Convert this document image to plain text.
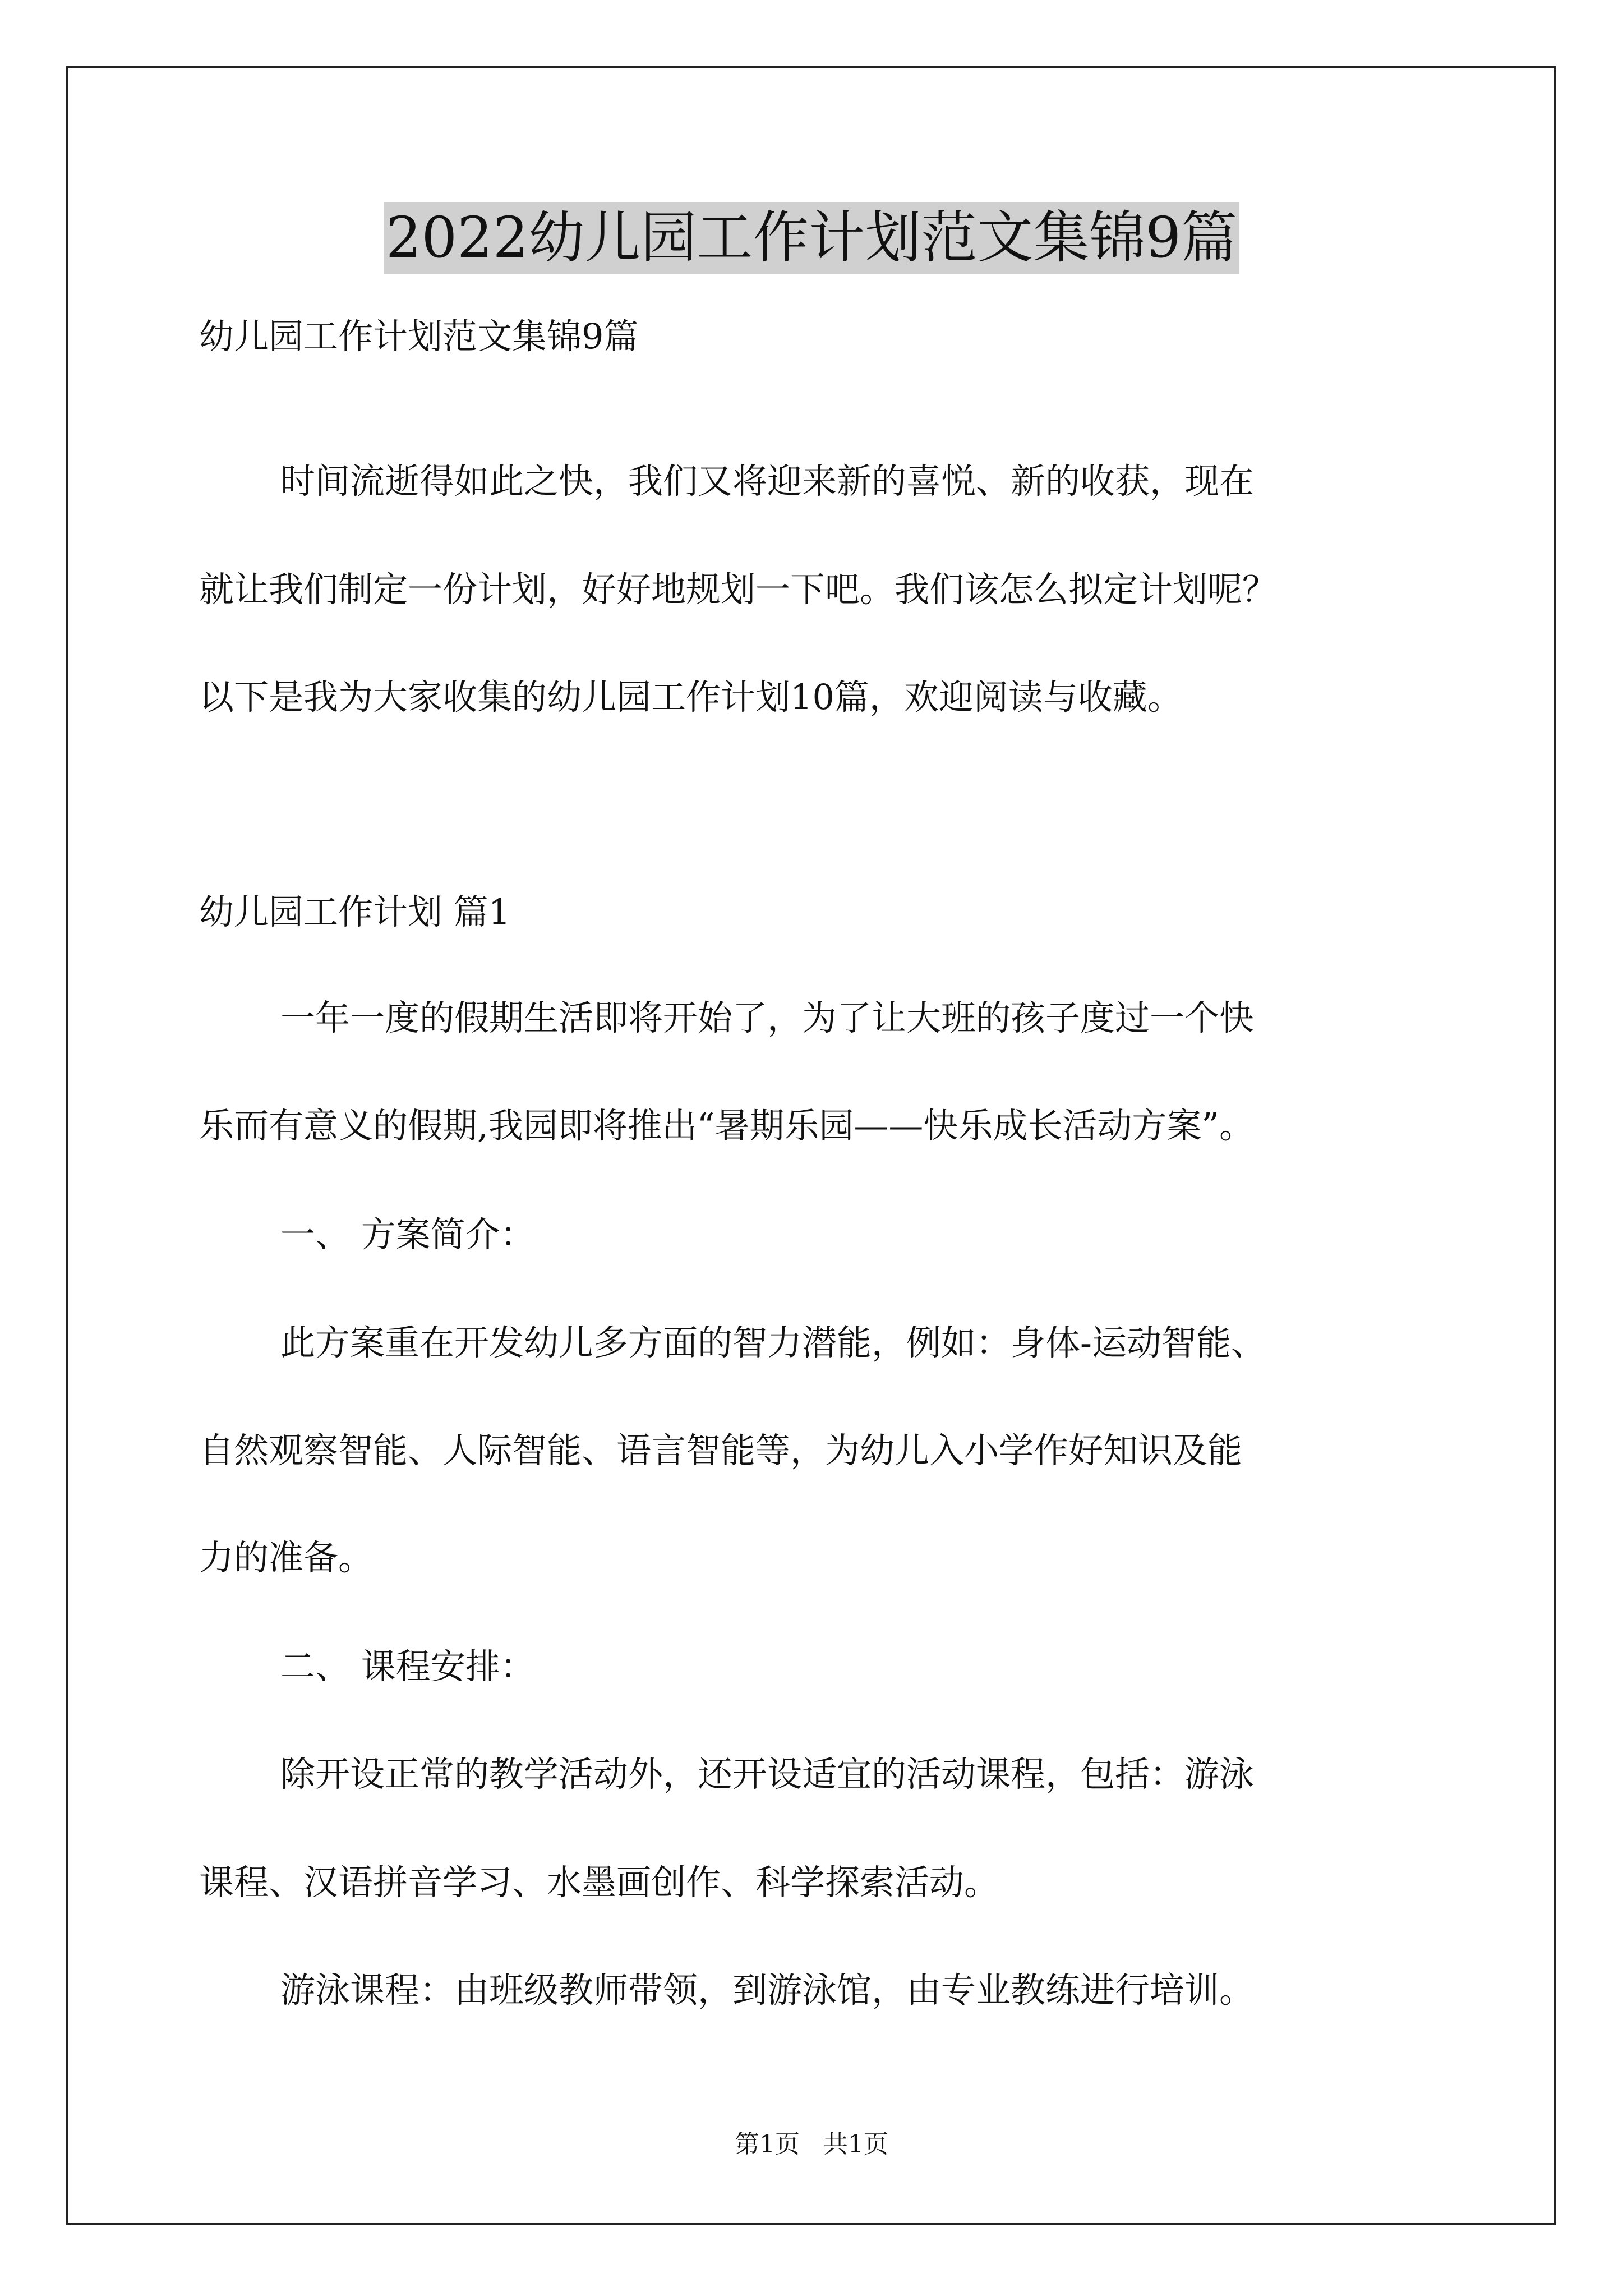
2022幼儿园工作计划范文集锦9篇
幼儿园工作计划范文集锦9篇
时间流逝得如此之快，我们又将迎来新的喜悦、新的收获，现在
就让我们制定一份计划，好好地规划一下吧。我们该怎么拟定计划呢？
以下是我为大家收集的幼儿园工作计划10篇，欢迎阅读与收藏。
幼儿园工作计划 篇1
一年一度的假期生活即将开始了，为了让大班的孩子度过一个快
乐而有意义的假期,我园即将推出“暑期乐园——快乐成长活动方案”。
一、 方案简介：
此方案重在开发幼儿多方面的智力潜能，例如：身体-运动智能、
自然观察智能、人际智能、语言智能等，为幼儿入小学作好知识及能
力的准备。
二、 课程安排：
除开设正常的教学活动外，还开设适宜的活动课程，包括：游泳
课程、汉语拼音学习、水墨画创作、科学探索活动。
游泳课程：由班级教师带领，到游泳馆，由专业教练进行培训。
第1页   共1页
